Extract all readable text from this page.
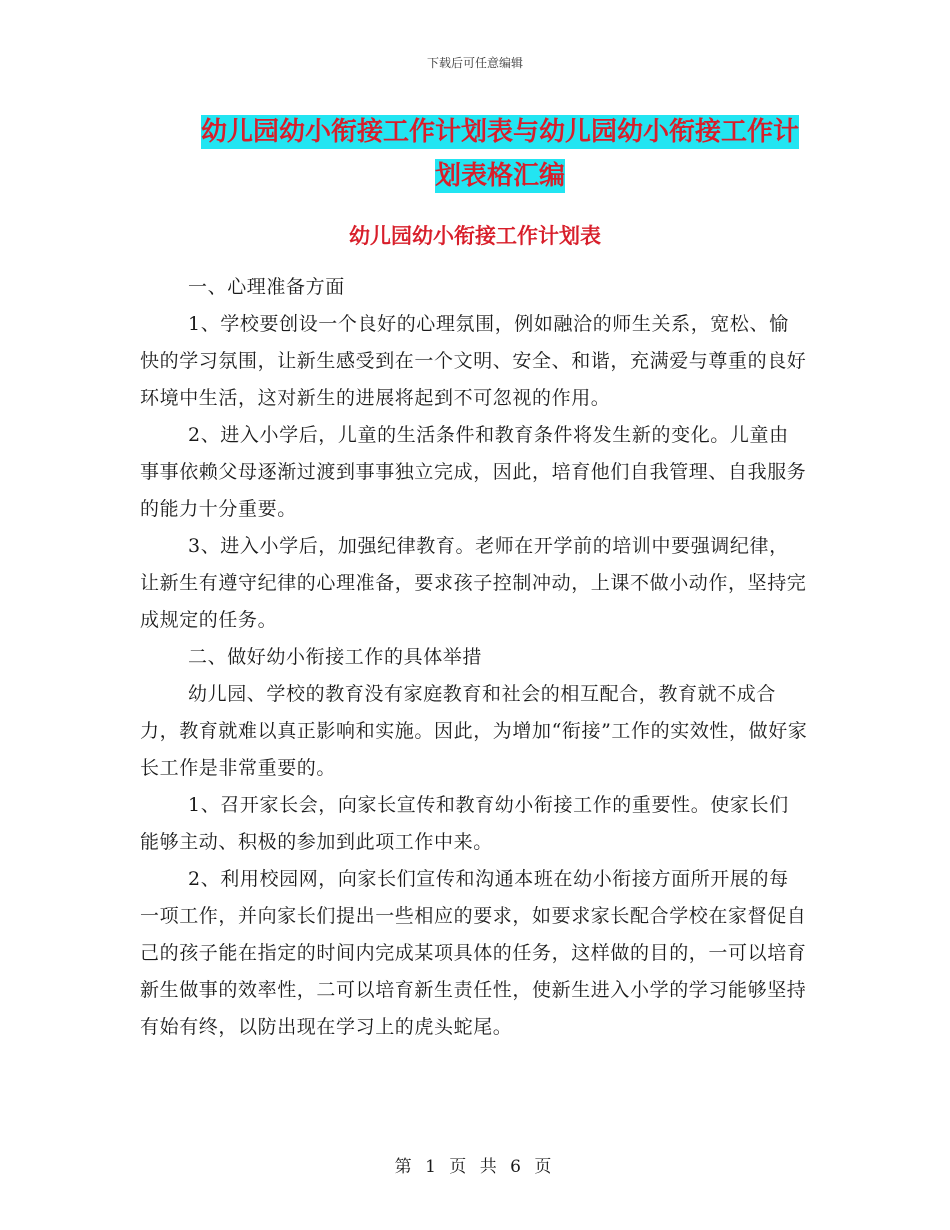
下载后可任意编辑
幼儿园幼小衔接工作计划表与幼儿园幼小衔接工作计
划表格汇编
幼儿园幼小衔接工作计划表

一、心理准备方面

1、学校要创设一个良好的心理氛围，例如融洽的师生关系，宽松、愉快的学习氛围，让新生感受到在一个文明、安全、和谐，充满爱与尊重的良好环境中生活，这对新生的进展将起到不可忽视的作用。

2、进入小学后，儿童的生活条件和教育条件将发生新的变化。儿童由事事依赖父母逐渐过渡到事事独立完成，因此，培育他们自我管理、自我服务的能力十分重要。

3、进入小学后，加强纪律教育。老师在开学前的培训中要强调纪律，让新生有遵守纪律的心理准备，要求孩子控制冲动，上课不做小动作，坚持完成规定的任务。

二、做好幼小衔接工作的具体举措

幼儿园、学校的教育没有家庭教育和社会的相互配合，教育就不成合力，教育就难以真正影响和实施。因此，为增加“衔接”工作的实效性，做好家长工作是非常重要的。

1、召开家长会，向家长宣传和教育幼小衔接工作的重要性。使家长们能够主动、积极的参加到此项工作中来。

2、利用校园网，向家长们宣传和沟通本班在幼小衔接方面所开展的每一项工作，并向家长们提出一些相应的要求，如要求家长配合学校在家督促自己的孩子能在指定的时间内完成某项具体的任务，这样做的目的，一可以培育新生做事的效率性，二可以培育新生责任性，使新生进入小学的学习能够坚持有始有终，以防出现在学习上的虎头蛇尾。

第 1 页 共 6 页
